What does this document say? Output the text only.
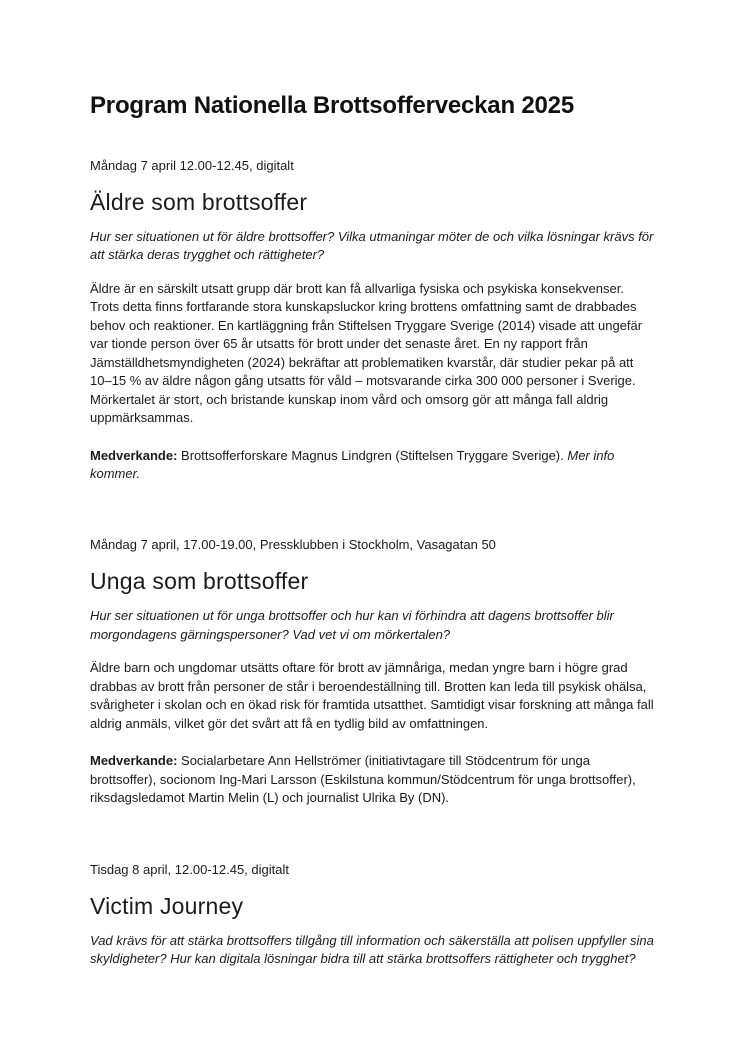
Program Nationella Brottsofferveckan 2025

Måndag 7 april 12.00-12.45, digitalt

Äldre som brottsoffer

Hur ser situationen ut för äldre brottsoffer? Vilka utmaningar möter de och vilka lösningar krävs för att stärka deras trygghet och rättigheter?

Äldre är en särskilt utsatt grupp där brott kan få allvarliga fysiska och psykiska konsekvenser. Trots detta finns fortfarande stora kunskapsluckor kring brottens omfattning samt de drabbades behov och reaktioner. En kartläggning från Stiftelsen Tryggare Sverige (2014) visade att ungefär var tionde person över 65 år utsatts för brott under det senaste året. En ny rapport från Jämställdhetsmyndigheten (2024) bekräftar att problematiken kvarstår, där studier pekar på att 10–15 % av äldre någon gång utsatts för våld – motsvarande cirka 300 000 personer i Sverige. Mörkertalet är stort, och bristande kunskap inom vård och omsorg gör att många fall aldrig uppmärksammas.

Medverkande: Brottsofferforskare Magnus Lindgren (Stiftelsen Tryggare Sverige). Mer info kommer.

Måndag 7 april, 17.00-19.00, Pressklubben i Stockholm, Vasagatan 50

Unga som brottsoffer

Hur ser situationen ut för unga brottsoffer och hur kan vi förhindra att dagens brottsoffer blir morgondagens gärningspersoner? Vad vet vi om mörkertalen?

Äldre barn och ungdomar utsätts oftare för brott av jämnåriga, medan yngre barn i högre grad drabbas av brott från personer de står i beroendeställning till. Brotten kan leda till psykisk ohälsa, svårigheter i skolan och en ökad risk för framtida utsatthet. Samtidigt visar forskning att många fall aldrig anmäls, vilket gör det svårt att få en tydlig bild av omfattningen.

Medverkande: Socialarbetare Ann Hellströmer (initiativtagare till Stödcentrum för unga brottsoffer), socionom Ing-Mari Larsson (Eskilstuna kommun/Stödcentrum för unga brottsoffer), riksdagsledamot Martin Melin (L) och journalist Ulrika By (DN).

Tisdag 8 april, 12.00-12.45, digitalt

Victim Journey

Vad krävs för att stärka brottsoffers tillgång till information och säkerställa att polisen uppfyller sina skyldigheter? Hur kan digitala lösningar bidra till att stärka brottsoffers rättigheter och trygghet?
